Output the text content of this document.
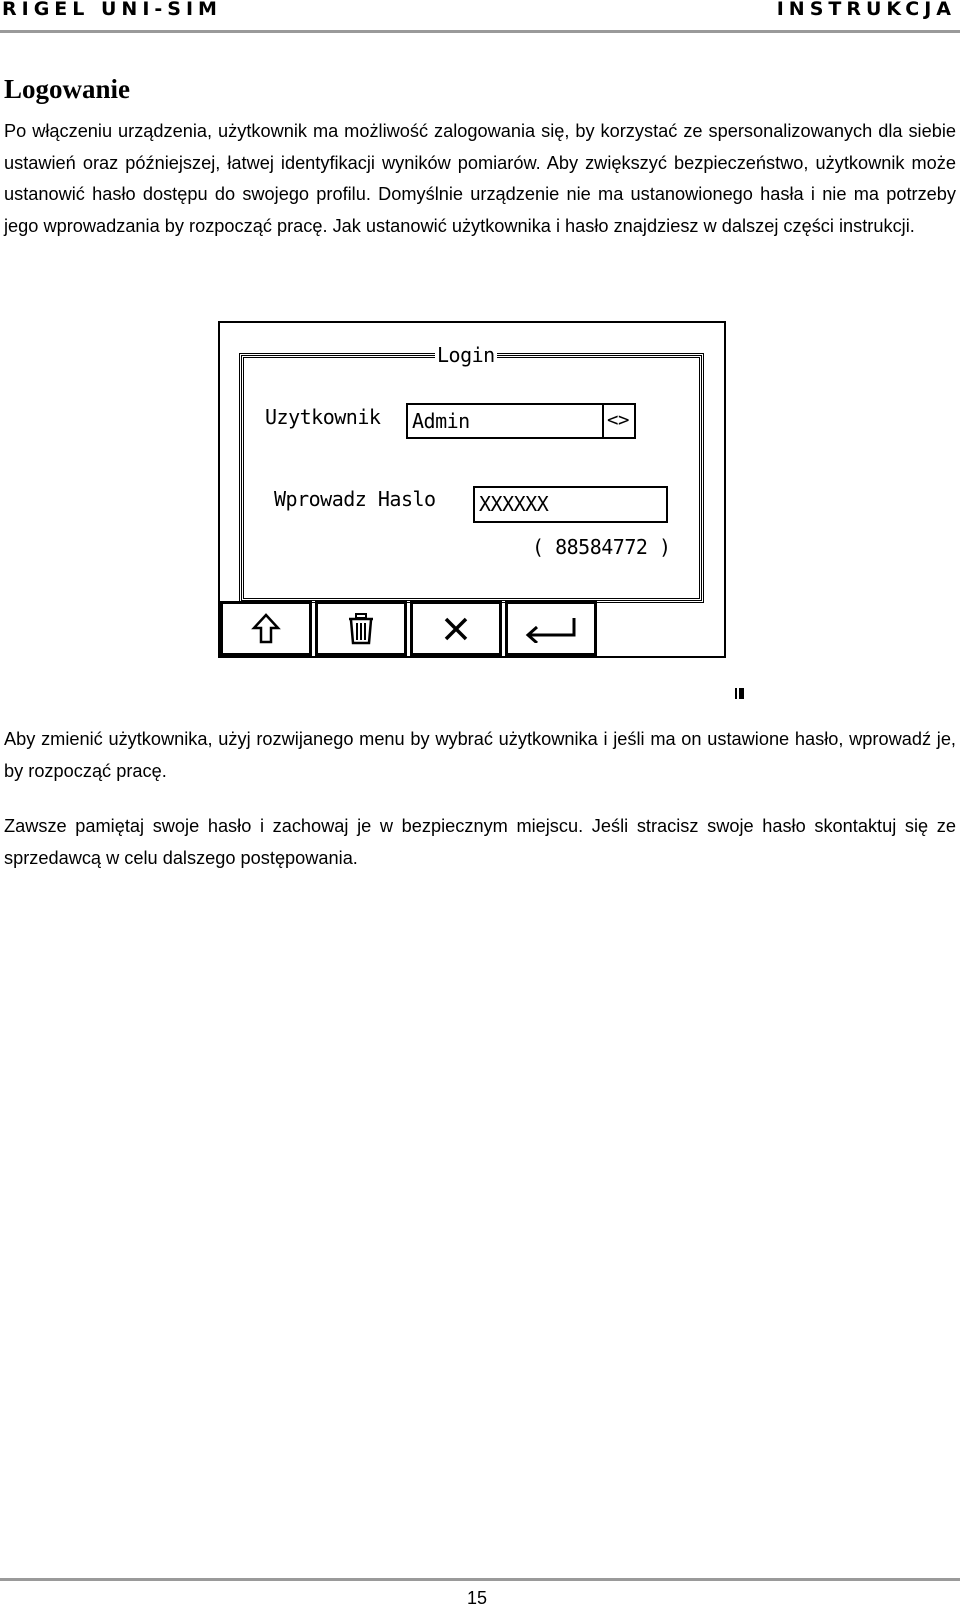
RIGEL UNI-SIM	INSTRUKCJA
Logowanie

Po włączeniu urządzenia, użytkownik ma możliwość zalogowania się, by korzystać ze spersonalizowanych dla siebie ustawień oraz późniejszej, łatwej identyfikacji wyników pomiarów. Aby zwiększyć bezpieczeństwo, użytkownik może ustanowić hasło dostępu do swojego profilu. Domyślnie urządzenie nie ma ustanowionego hasła i nie ma potrzeby jego wprowadzania by rozpocząć pracę. Jak ustanowić użytkownika i hasło znajdziesz w dalszej części instrukcji.

Login
Uzytkownik Admin	<>
Wprowadz Haslo XXXXXX
( 88584772 )

Aby zmienić użytkownika, użyj rozwijanego menu by wybrać użytkownika i jeśli ma on ustawione hasło, wprowadź je, by rozpocząć pracę.

Zawsze pamiętaj swoje hasło i zachowaj je w bezpiecznym miejscu. Jeśli stracisz swoje hasło skontaktuj się ze sprzedawcą w celu dalszego postępowania.

15
